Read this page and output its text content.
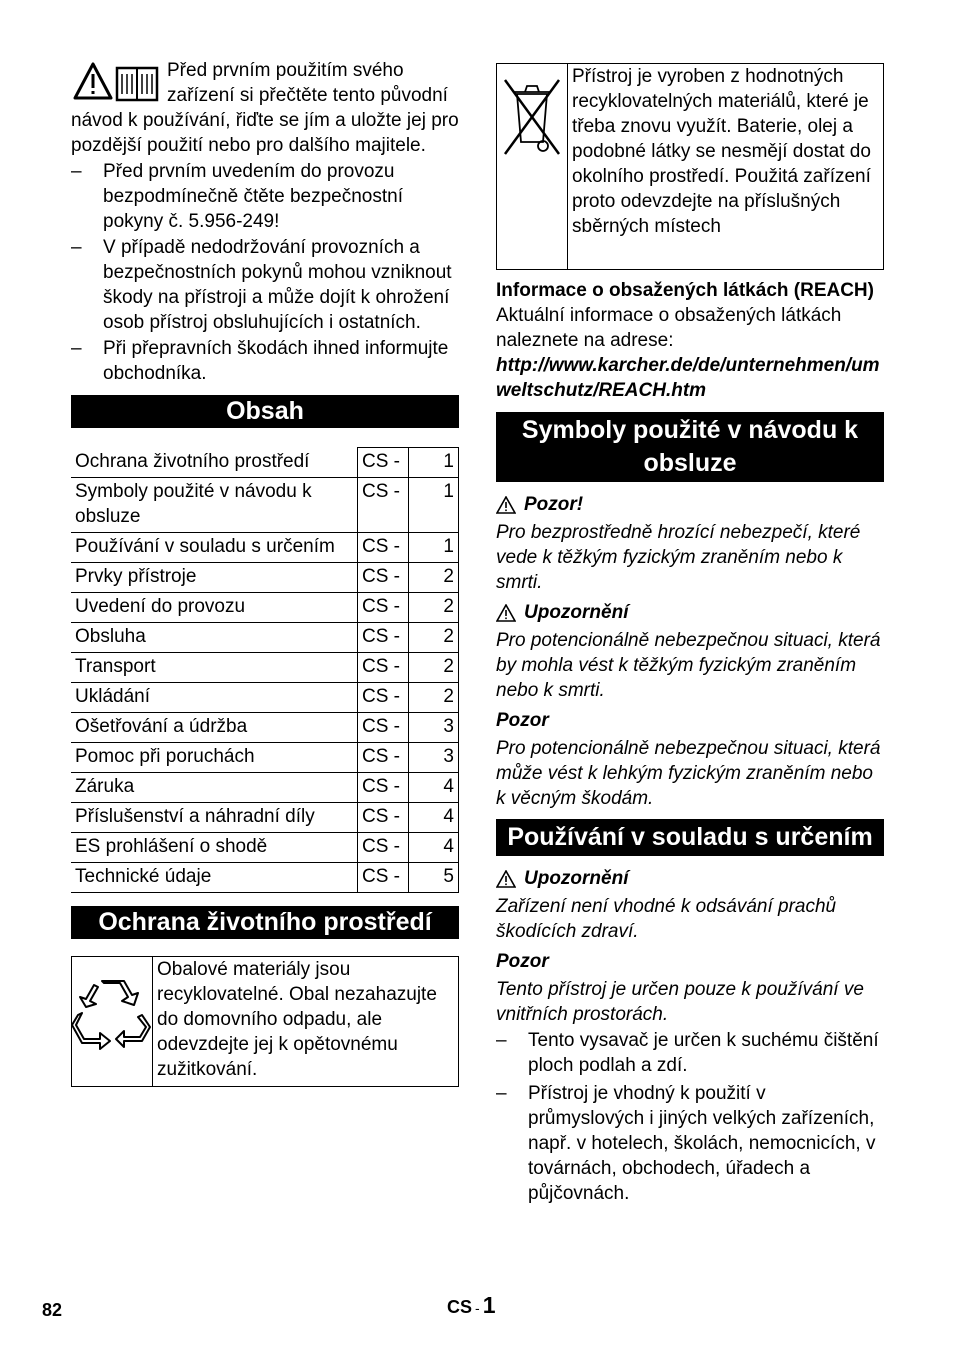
Před prvním použitím svého zařízení si přečtěte tento původní návod k používání, řiďte se jím a uložte jej pro pozdější použití nebo pro dalšího majitele.

– Před prvním uvedením do provozu bezpodmínečně čtěte bezpečnostní pokyny č. 5.956-249!
– V případě nedodržování provozních a bezpečnostních pokynů mohou vzniknout škody na přístroji a může dojít k ohrožení osob přístroj obsluhujících i ostatních.
– Při přepravních škodách ihned informujte obchodníka.
Obsah
Ochrana životního prostředí	CS -	1
Symboly použité v návodu k obsluze	CS -	1
Používání v souladu s určením	CS -	1
Prvky přístroje	CS -	2
Uvedení do provozu	CS -	2
Obsluha	CS -	2
Transport	CS -	2
Ukládání	CS -	2
Ošetřování a údržba	CS -	3
Pomoc při poruchách	CS -	3
Záruka	CS -	4
Příslušenství a náhradní díly	CS -	4
ES prohlášení o shodě	CS -	4
Technické údaje	CS -	5
Ochrana životního prostředí
Obalové materiály jsou recyklovatelné. Obal nezahazujte do domovního odpadu, ale odevzdejte jej k opětovnému zužitkování.
Přístroj je vyroben z hodnotných recyklovatelných materiálů, které je třeba znovu využít. Baterie, olej a podobné látky se nesmějí dostat do okolního prostředí. Použitá zařízení proto odevzdejte na příslušných sběrných místech

Informace o obsažených látkách (REACH)

Aktuální informace o obsažených látkách naleznete na adrese:

http://www.karcher.de/de/unternehmen/umweltschutz/REACH.htm

Symboly použité v návodu k obsluze
Pozor!

Pro bezprostředně hrozící nebezpečí, které vede k těžkým fyzickým zraněním nebo k smrti.

Upozornění

Pro potencionálně nebezpečnou situaci, která by mohla vést k těžkým fyzickým zraněním nebo k smrti.

Pozor

Pro potencionálně nebezpečnou situaci, která může vést k lehkým fyzickým zraněním nebo k věcným škodám.

Používání v souladu s určením
Upozornění

Zařízení není vhodné k odsávání prachů škodících zdraví.

Pozor

Tento přístroj je určen pouze k používání ve vnitřních prostorách.

– Tento vysavač je určen k suchému čištění ploch podlah a zdí.
– Přístroj je vhodný k použití v průmyslových i jiných velkých zařízeních, např. v hotelech, školách, nemocnicích, v továrnách, obchodech, úřadech a půjčovnách.
82	CS - 1
